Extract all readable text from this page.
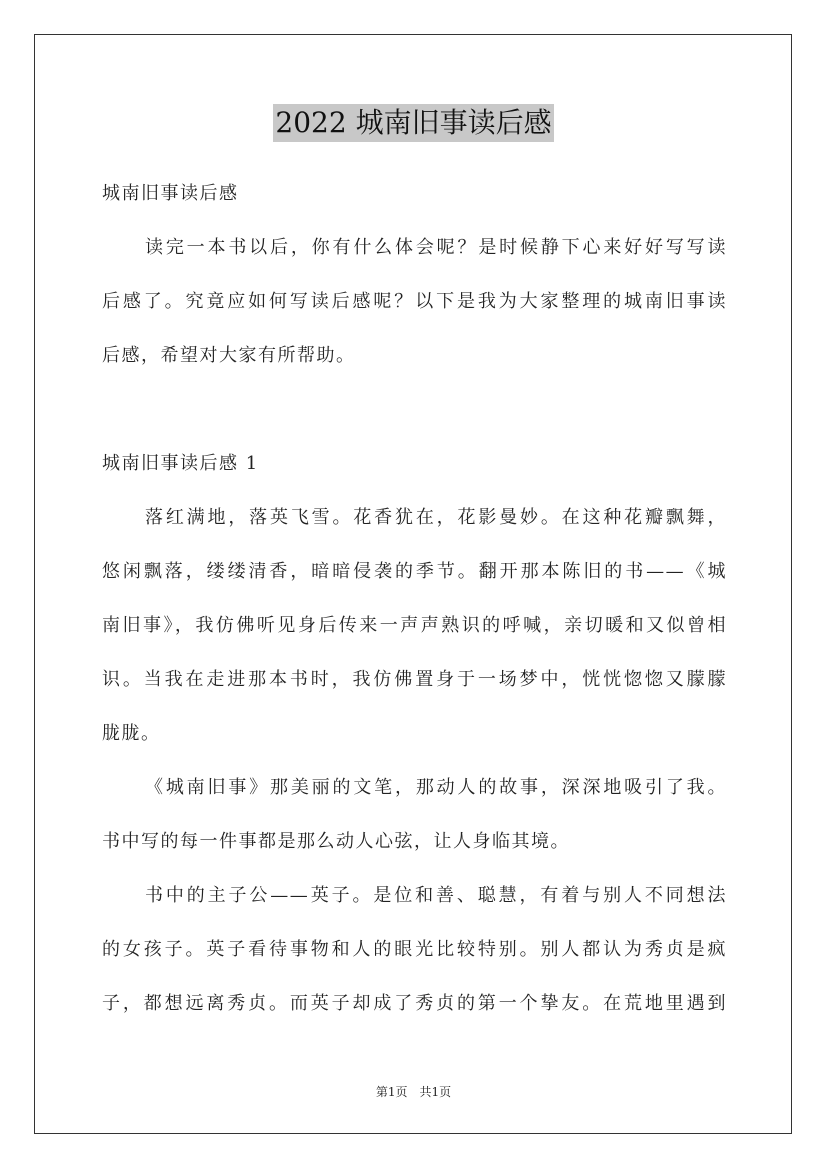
2022 城南旧事读后感
城南旧事读后感
读完一本书以后，你有什么体会呢？是时候静下心来好好写写读
后感了。究竟应如何写读后感呢？以下是我为大家整理的城南旧事读
后感，希望对大家有所帮助。
城南旧事读后感 1
落红满地，落英飞雪。花香犹在，花影曼妙。在这种花瓣飘舞，
悠闲飘落，缕缕清香，暗暗侵袭的季节。翻开那本陈旧的书——《城
南旧事》，我仿佛听见身后传来一声声熟识的呼喊，亲切暖和又似曾相
识。当我在走进那本书时，我仿佛置身于一场梦中，恍恍惚惚又朦朦
胧胧。
《城南旧事》那美丽的文笔，那动人的故事，深深地吸引了我。
书中写的每一件事都是那么动人心弦，让人身临其境。
书中的主子公——英子。是位和善、聪慧，有着与别人不同想法
的女孩子。英子看待事物和人的眼光比较特别。别人都认为秀贞是疯
子，都想远离秀贞。而英子却成了秀贞的第一个挚友。在荒地里遇到
第1页　共1页
